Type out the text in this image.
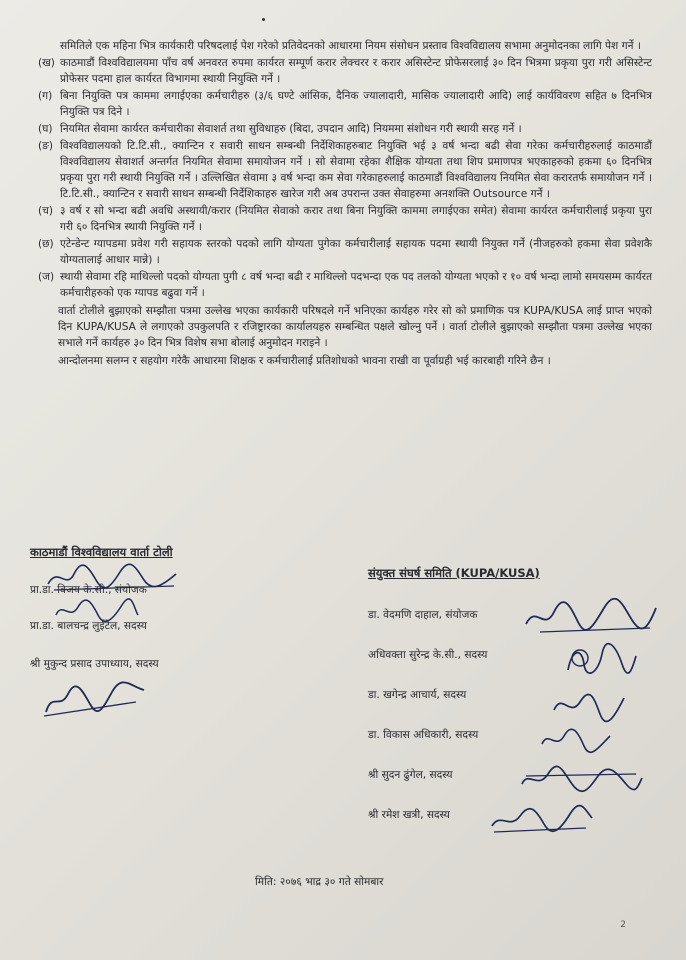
समितिले एक महिना भित्र कार्यकारी परिषदलाई पेश गरेको प्रतिवेदनको आधारमा नियम संसोधन प्रस्ताव विश्वविद्यालय सभामा अनुमोदनका लागि पेश गर्ने ।
(ख) काठमाडौं विश्वविद्यालयमा पाँच वर्ष अनवरत रुपमा कार्यरत सम्पूर्ण करार लेक्चरर र करार असिस्टेन्ट प्रोफेसरलाई ३० दिन भित्रमा प्रकृया पुरा गरी असिस्टेन्ट प्रोफेसर पदमा हाल कार्यरत विभागमा स्थायी नियुक्ति गर्ने ।
(ग) बिना नियुक्ति पत्र काममा लगाईएका कर्मचारीहरु (३/६ घण्टे आंसिक, दैनिक ज्यालादारी, मासिक ज्यालादारी आदि) लाई कार्यविवरण सहित ७ दिनभित्र नियुक्ति पत्र दिने ।
(घ) नियमित सेवामा कार्यरत कर्मचारीका सेवाशर्त तथा सुविधाहरु (बिदा, उपदान आदि) नियममा संशोधन गरी स्थायी सरह गर्ने ।
(ङ) विश्वविद्यालयको टि.टि.सी., क्यान्टिन र सवारी साधन सम्बन्धी निर्देशिकाहरुबाट नियुक्ति भई ३ वर्ष भन्दा बढी सेवा गरेका कर्मचारीहरुलाई काठमाडौं विश्वविद्यालय सेवाशर्त अन्तर्गत नियमित सेवामा समायोजन गर्ने । सो सेवामा रहेका शैक्षिक योग्यता तथा शिप प्रमाणपत्र भएकाहरुको हकमा ६० दिनभित्र प्रकृया पुरा गरी स्थायी नियुक्ति गर्ने । उल्लिखित सेवामा ३ वर्ष भन्दा कम सेवा गरेकाहरुलाई काठमाडौं विश्वविद्यालय नियमित सेवा करारतर्फ समायोजन गर्ने । टि.टि.सी., क्यान्टिन र सवारी साधन सम्बन्धी निर्देशिकाहरु खारेज गरी अब उपरान्त उक्त सेवाहरुमा अनशक्ति Outsource गर्ने ।
(च) ३ वर्ष र सो भन्दा बढी अवधि अस्थायी/करार (नियमित सेवाको करार तथा बिना नियुक्ति काममा लगाईएका समेत) सेवामा कार्यरत कर्मचारीलाई प्रकृया पुरा गरी ६० दिनभित्र स्थायी नियुक्ति गर्ने ।
(छ) एटेन्डेन्ट ग्यापडमा प्रवेश गरी सहायक स्तरको पदको लागि योग्यता पुगेका कर्मचारीलाई सहायक पदमा स्थायी नियुक्त गर्ने (नीजहरुको हकमा सेवा प्रवेशकै योग्यतालाई आधार मान्ने) ।
(ज) स्थायी सेवामा रहि माथिल्लो पदको योग्यता पुगी ८ वर्ष भन्दा बढी र माथिल्लो पदभन्दा एक पद तलको योग्यता भएको र १० वर्ष भन्दा लामो समयसम्म कार्यरत कर्मचारीहरुको एक ग्यापड बढुवा गर्ने ।
वार्ता टोलीले बुझाएको सम्झौता पत्रमा उल्लेख भएका कार्यकारी परिषदले गर्ने भनिएका कार्यहरु गरेर सो को प्रमाणिक पत्र KUPA/KUSA लाई प्राप्त भएको दिन KUPA/KUSA ले लगाएको उपकुलपति र रजिष्ट्रारका कार्यालयहरु सम्बन्धित पक्षले खोल्नु पर्ने । वार्ता टोलीले बुझाएको सम्झौता पत्रमा उल्लेख भएका सभाले गर्ने कार्यहरु ३० दिन भित्र विशेष सभा बोलाई अनुमोदन गराइने ।
आन्दोलनमा सलग्न र सहयोग गरेकै आधारमा शिक्षक र कर्मचारीलाई प्रतिशोधको भावना राखी वा पूर्वाग्रही भई कारबाही गरिने छैन ।
काठमाडौं विश्वविद्यालय वार्ता टोली
प्रा.डा. विजय के.सी., संयोजक
प्रा.डा. बालचन्द्र लुईटेल, सदस्य
श्री मुकुन्द प्रसाद उपाध्याय, सदस्य
संयुक्त संघर्ष समिति (KUPA/KUSA)
डा. वेदमणि दाहाल, संयोजक
अधिवक्ता सुरेन्द्र के.सी., सदस्य
डा. खगेन्द्र आचार्य, सदस्य
डा. विकास अधिकारी, सदस्य
श्री सुदन ढुंगेल, सदस्य
श्री रमेश खत्री, सदस्य
मिति: २०७६ भाद्र ३० गते सोमबार
2
